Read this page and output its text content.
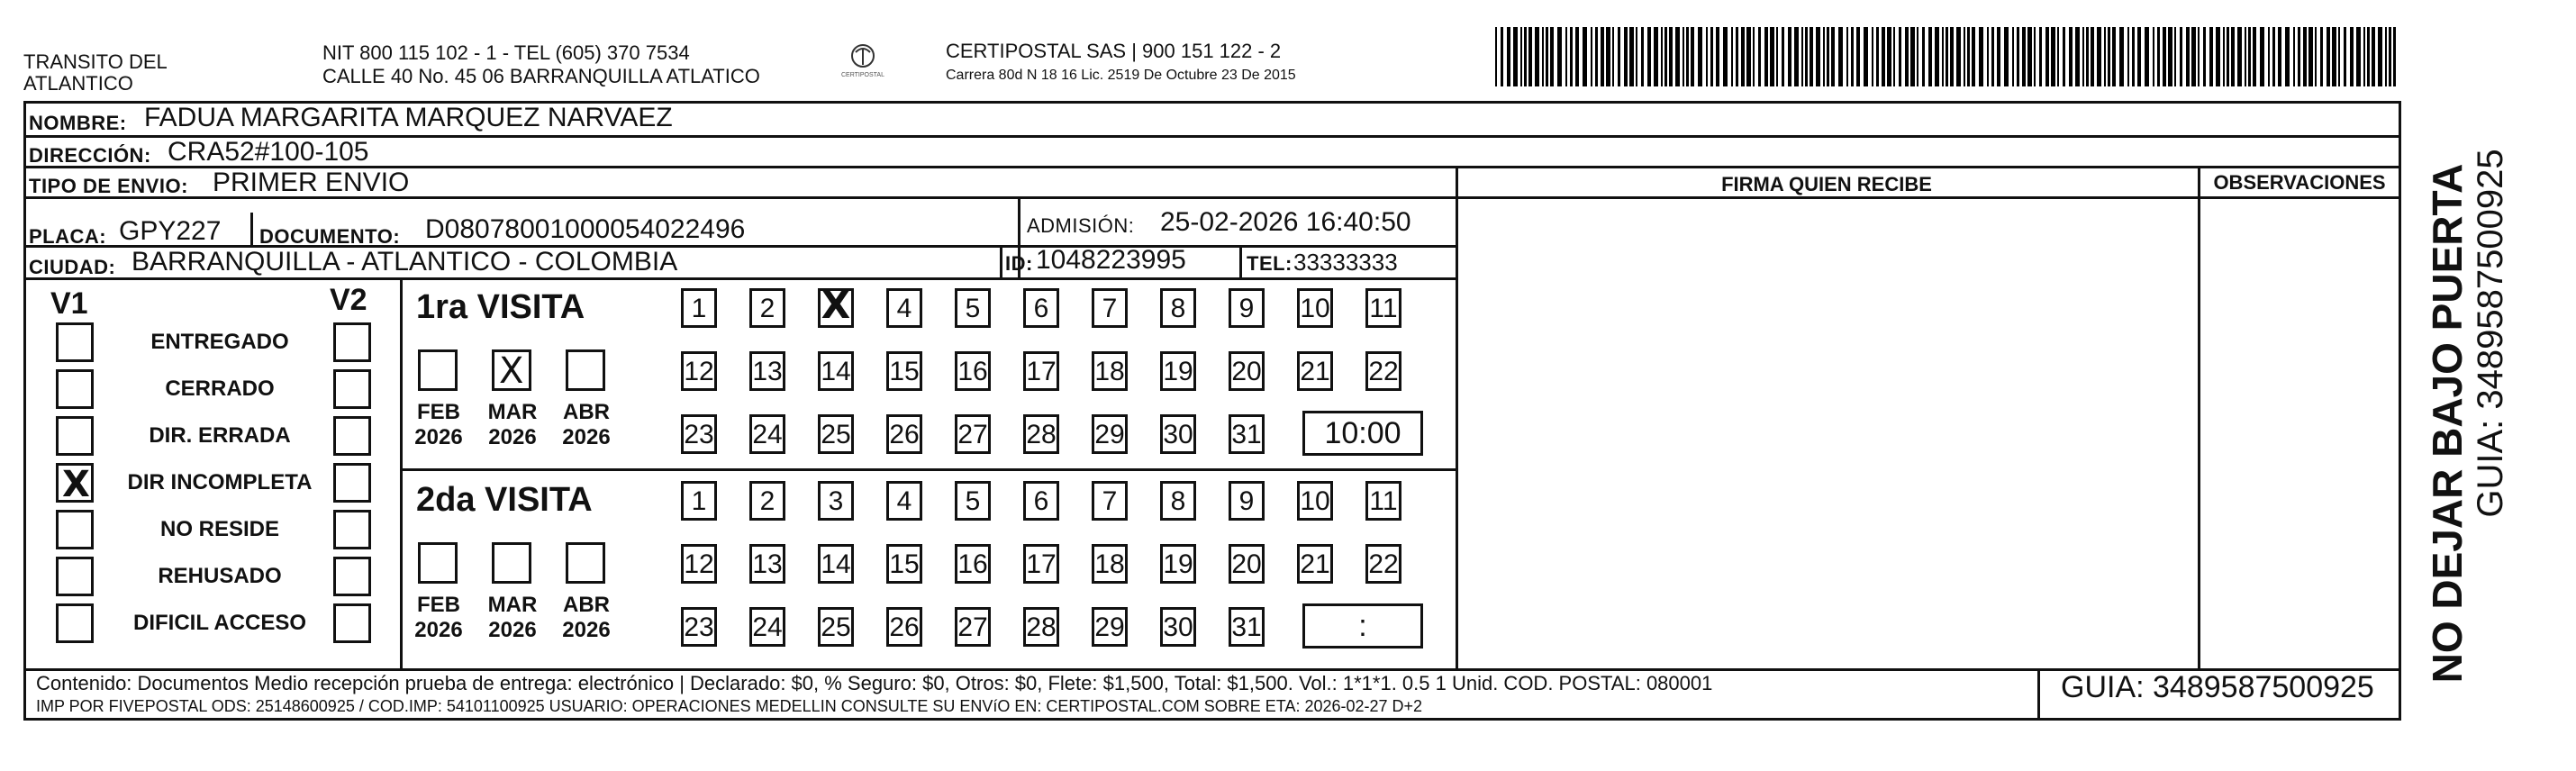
TRANSITO DEL
ATLANTICO
NIT 800 115 102 - 1 - TEL (605) 370 7534
CALLE 40 No. 45 06 BARRANQUILLA ATLATICO	CERTIPOSTAL
CERTIPOSTAL SAS | 900 151 122 - 2
Carrera 80d N 18 16 Lic. 2519 De Octubre 23 De 2015
NOMBRE: FADUA MARGARITA MARQUEZ NARVAEZ
DIRECCIÓN: CRA52#100-105
TIPO DE ENVIO: PRIMER ENVIO
PLACA: GPY227 DOCUMENTO: D08078001000054022496	ADMISIÓN: 25-02-2026 16:40:50
CIUDAD: BARRANQUILLA - ATLANTICO - COLOMBIA	ID: 1048223995	TEL: 33333333
FIRMA QUIEN RECIBE	OBSERVACIONES
V1	V2
ENTREGADO
CERRADO
DIR. ERRADA
X
DIR INCOMPLETA
NO RESIDE
REHUSADO
DIFICIL ACCESO
1ra VISITA
2da VISITA
FEB
2026
X
MAR
2026
ABR
2026
1	2
X	4	5	6	7	8	9	10 11
12 13 14 15 16 17 18 19 20 21 22
23 24 25 26 27 28 29 30 31	10:00
FEB
2026
MAR
2026
ABR
2026
1	2	3	4	5	6	7	8	9	10 11
12 13 14 15 16 17 18 19 20 21 22
23 24 25 26 27 28 29 30 31	:
Contenido: Documentos Medio recepción prueba de entrega: electrónico | Declarado: $0, % Seguro: $0, Otros: $0, Flete: $1,500, Total: $1,500. Vol.: 1*1*1. 0.5 1 Unid. COD. POSTAL: 080001
IMP POR FIVEPOSTAL ODS: 25148600925 / COD.IMP: 54101100925 USUARIO: OPERACIONES MEDELLIN CONSULTE SU ENVíO EN: CERTIPOSTAL.COM SOBRE ETA: 2026-02-27 D+2
GUIA: 3489587500925
NO DEJAR BAJO PUERTA GUIA: 3489587500925
